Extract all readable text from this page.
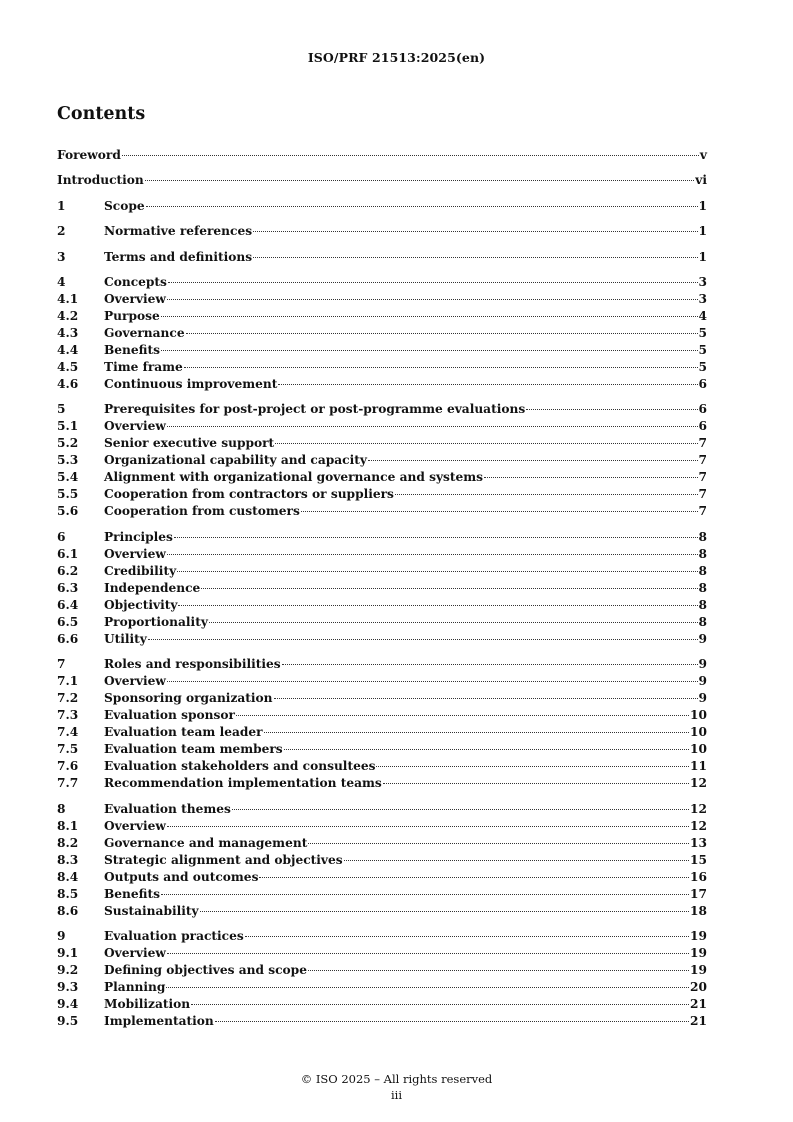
ISO/PRF 21513:2025(en)
Contents
Foreword	v
Introduction	vi
1	Scope	1
2	Normative references	1
3	Terms and definitions	1
4	Concepts	3
4.1	Overview	3
4.2	Purpose	4
4.3	Governance	5
4.4	Benefits	5
4.5	Time frame	5
4.6	Continuous improvement	6
5	Prerequisites for post-project or post-programme evaluations	6
5.1	Overview	6
5.2	Senior executive support	7
5.3	Organizational capability and capacity	7
5.4	Alignment with organizational governance and systems	7
5.5	Cooperation from contractors or suppliers	7
5.6	Cooperation from customers	7
6	Principles	8
6.1	Overview	8
6.2	Credibility	8
6.3	Independence	8
6.4	Objectivity	8
6.5	Proportionality	8
6.6	Utility	9
7	Roles and responsibilities	9
7.1	Overview	9
7.2	Sponsoring organization	9
7.3	Evaluation sponsor	10
7.4	Evaluation team leader	10
7.5	Evaluation team members	10
7.6	Evaluation stakeholders and consultees	11
7.7	Recommendation implementation teams	12
8	Evaluation themes	12
8.1	Overview	12
8.2	Governance and management	13
8.3	Strategic alignment and objectives	15
8.4	Outputs and outcomes	16
8.5	Benefits	17
8.6	Sustainability	18
9	Evaluation practices	19
9.1	Overview	19
9.2	Defining objectives and scope	19
9.3	Planning	20
9.4	Mobilization	21
9.5	Implementation	21
© ISO 2025 – All rights reserved
iii
